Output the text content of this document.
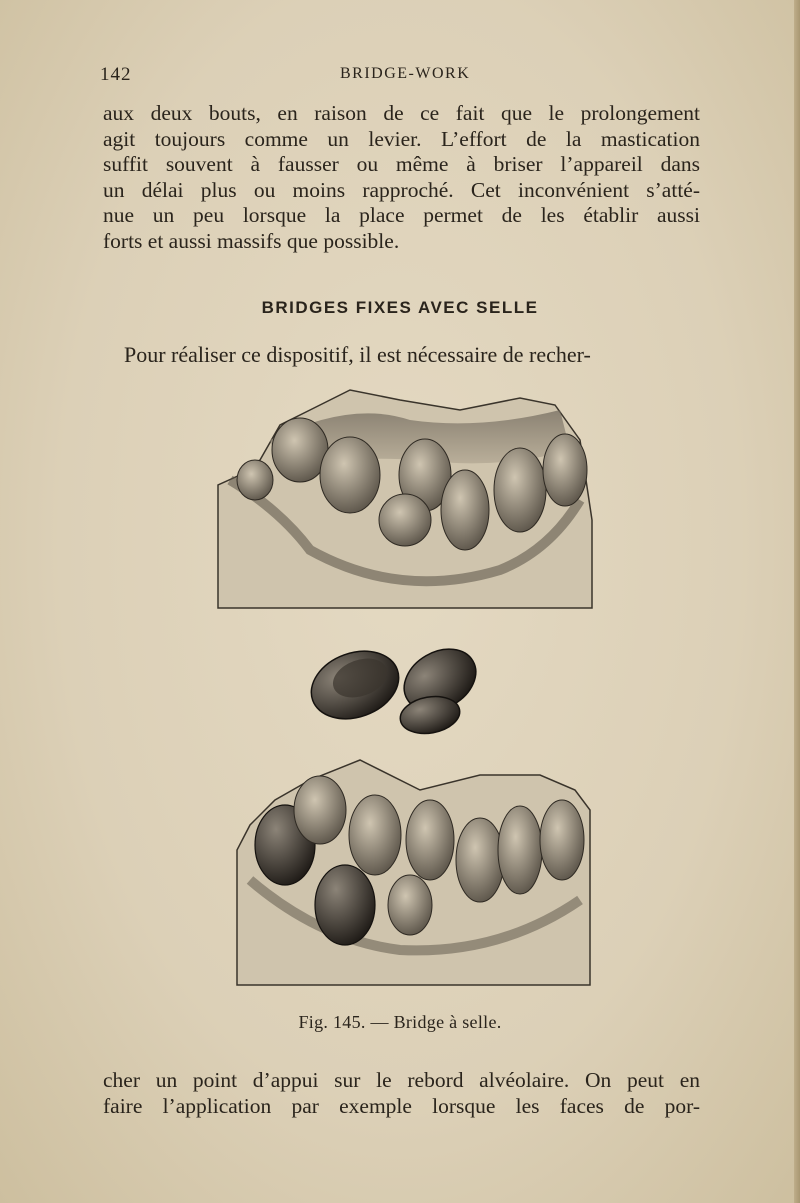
142	BRIDGE-WORK
aux deux bouts, en raison de ce fait que le prolongement
agit toujours comme un levier. L’effort de la mastication
suffit souvent à fausser ou même à briser l’appareil dans
un délai plus ou moins rapproché. Cet inconvénient s’atté-
nue un peu lorsque la place permet de les établir aussi
forts et aussi massifs que possible.
BRIDGES FIXES AVEC SELLE
Pour réaliser ce dispositif, il est nécessaire de recher-
Fig. 145. — Bridge à selle.
cher un point d’appui sur le rebord alvéolaire. On peut en
faire l’application par exemple lorsque les faces de por-
